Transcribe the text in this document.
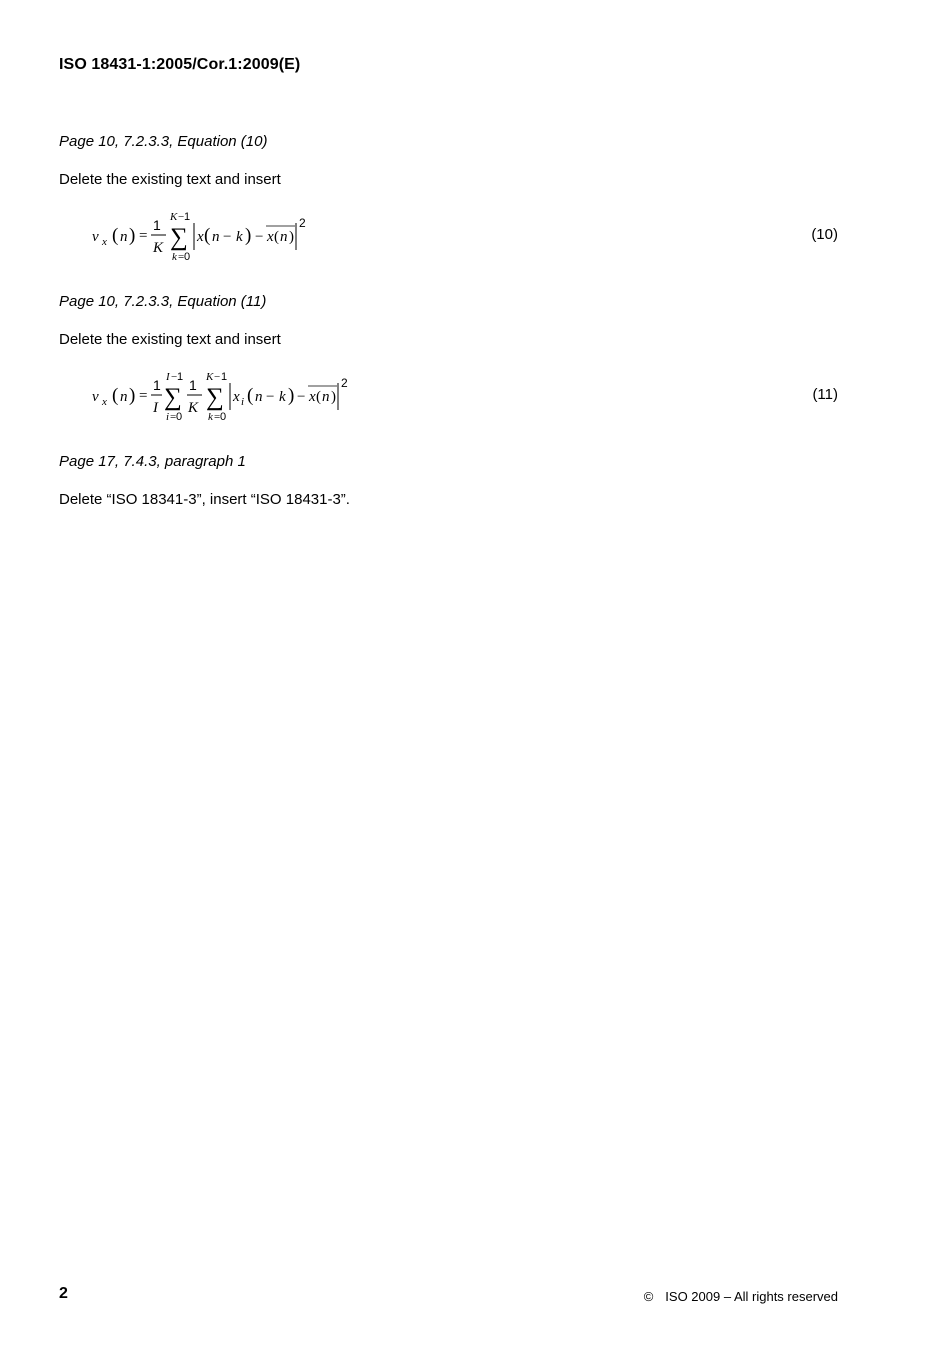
ISO 18431-1:2005/Cor.1:2009(E)
Page 10, 7.2.3.3, Equation (10)
Delete the existing text and insert
v x ( n ) =
1
K
K − 1
∑
k = 0
x ( n − k ) − x ( n )
2
(10)
Page 10, 7.2.3.3, Equation (11)
Delete the existing text and insert
v x ( n ) =
1
I
I − 1
∑
i = 0
1
K
K − 1
∑
k = 0
x i ( n − k ) − x ( n )
2
(11)
Page 17, 7.4.3, paragraph 1
Delete “ISO 18341-3”, insert “ISO 18431-3”.
2	© ISO 2009 – All rights reserved
